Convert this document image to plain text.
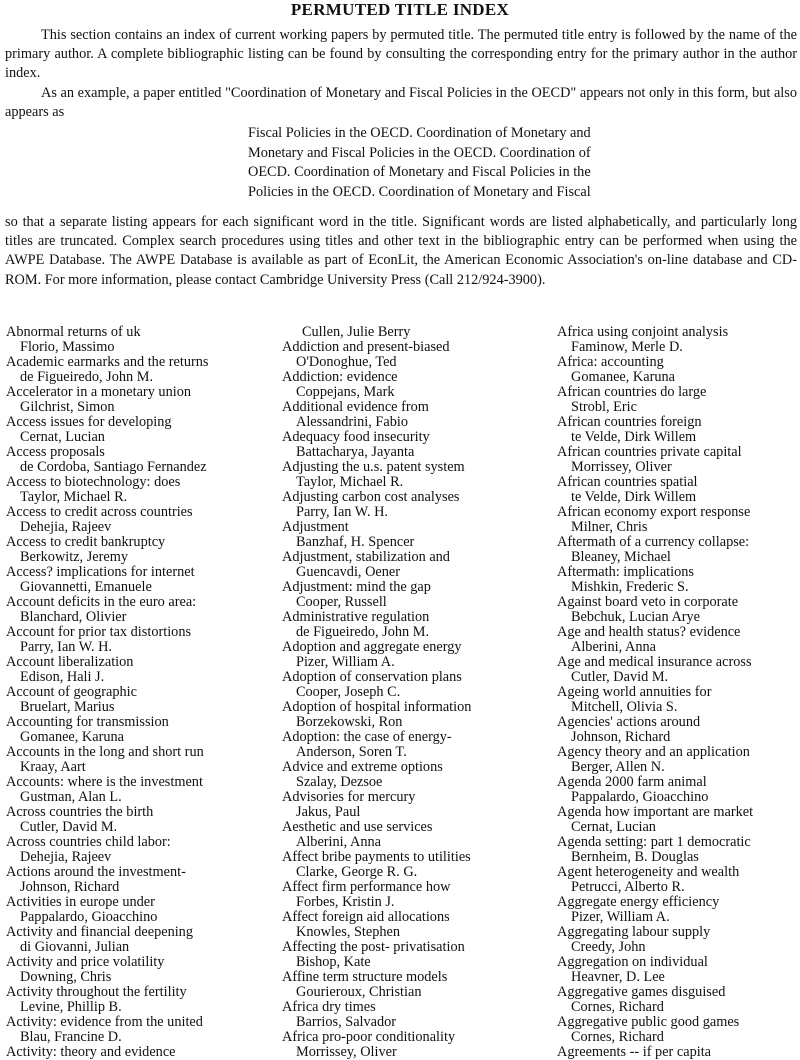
PERMUTED TITLE INDEX
This section contains an index of current working papers by permuted title. The permuted title entry is followed by the name of the primary author. A complete bibliographic listing can be found by consulting the corresponding entry for the primary author in the author index.
As an example, a paper entitled "Coordination of Monetary and Fiscal Policies in the OECD" appears not only in this form, but also appears as
Fiscal Policies in the OECD. Coordination of Monetary and
Monetary and Fiscal Policies in the OECD. Coordination of
OECD. Coordination of Monetary and Fiscal Policies in the
Policies in the OECD. Coordination of Monetary and Fiscal
so that a separate listing appears for each significant word in the title. Significant words are listed alphabetically, and particularly long titles are truncated. Complex search procedures using titles and other text in the bibliographic entry can be performed when using the AWPE Database. The AWPE Database is available as part of EconLit, the American Economic Association's on-line database and CD-ROM. For more information, please contact Cambridge University Press (Call 212/924-3900).
Abnormal returns of uk
Florio, Massimo
Academic earmarks and the returns
de Figueiredo, John M.
Accelerator in a monetary union
Gilchrist, Simon
Access issues for developing
Cernat, Lucian
Access proposals
de Cordoba, Santiago Fernandez
Access to biotechnology: does
Taylor, Michael R.
Access to credit across countries
Dehejia, Rajeev
Access to credit bankruptcy
Berkowitz, Jeremy
Access? implications for internet
Giovannetti, Emanuele
Account deficits in the euro area:
Blanchard, Olivier
Account for prior tax distortions
Parry, Ian W. H.
Account liberalization
Edison, Hali J.
Account of geographic
Bruelart, Marius
Accounting for transmission
Gomanee, Karuna
Accounts in the long and short run
Kraay, Aart
Accounts: where is the investment
Gustman, Alan L.
Across countries the birth
Cutler, David M.
Across countries child labor:
Dehejia, Rajeev
Actions around the investment-
Johnson, Richard
Activities in europe under
Pappalardo, Gioacchino
Activity and financial deepening
di Giovanni, Julian
Activity and price volatility
Downing, Chris
Activity throughout the fertility
Levine, Phillip B.
Activity: evidence from the united
Blau, Francine D.
Activity: theory and evidence
Cullen, Julie Berry
Addiction and present-biased
O'Donoghue, Ted
Addiction: evidence
Coppejans, Mark
Additional evidence from
Alessandrini, Fabio
Adequacy food insecurity
Battacharya, Jayanta
Adjusting the u.s. patent system
Taylor, Michael R.
Adjusting carbon cost analyses
Parry, Ian W. H.
Adjustment
Banzhaf, H. Spencer
Adjustment, stabilization and
Guencavdi, Oener
Adjustment: mind the gap
Cooper, Russell
Administrative regulation
de Figueiredo, John M.
Adoption and aggregate energy
Pizer, William A.
Adoption of conservation plans
Cooper, Joseph C.
Adoption of hospital information
Borzekowski, Ron
Adoption: the case of energy-
Anderson, Soren T.
Advice and extreme options
Szalay, Dezsoe
Advisories for mercury
Jakus, Paul
Aesthetic and use services
Alberini, Anna
Affect bribe payments to utilities
Clarke, George R. G.
Affect firm performance how
Forbes, Kristin J.
Affect foreign aid allocations
Knowles, Stephen
Affecting the post- privatisation
Bishop, Kate
Affine term structure models
Gourieroux, Christian
Africa dry times
Barrios, Salvador
Africa pro-poor conditionality
Morrissey, Oliver
Africa using conjoint analysis
Faminow, Merle D.
Africa: accounting
Gomanee, Karuna
African countries do large
Strobl, Eric
African countries foreign
te Velde, Dirk Willem
African countries private capital
Morrissey, Oliver
African countries spatial
te Velde, Dirk Willem
African economy export response
Milner, Chris
Aftermath of a currency collapse:
Bleaney, Michael
Aftermath: implications
Mishkin, Frederic S.
Against board veto in corporate
Bebchuk, Lucian Arye
Age and health status? evidence
Alberini, Anna
Age and medical insurance across
Cutler, David M.
Ageing world annuities for
Mitchell, Olivia S.
Agencies' actions around
Johnson, Richard
Agency theory and an application
Berger, Allen N.
Agenda 2000 farm animal
Pappalardo, Gioacchino
Agenda how important are market
Cernat, Lucian
Agenda setting: part 1 democratic
Bernheim, B. Douglas
Agent heterogeneity and wealth
Petrucci, Alberto R.
Aggregate energy efficiency
Pizer, William A.
Aggregating labour supply
Creedy, John
Aggregation on individual
Heavner, D. Lee
Aggregative games disguised
Cornes, Richard
Aggregative public good games
Cornes, Richard
Agreements -- if per capita
